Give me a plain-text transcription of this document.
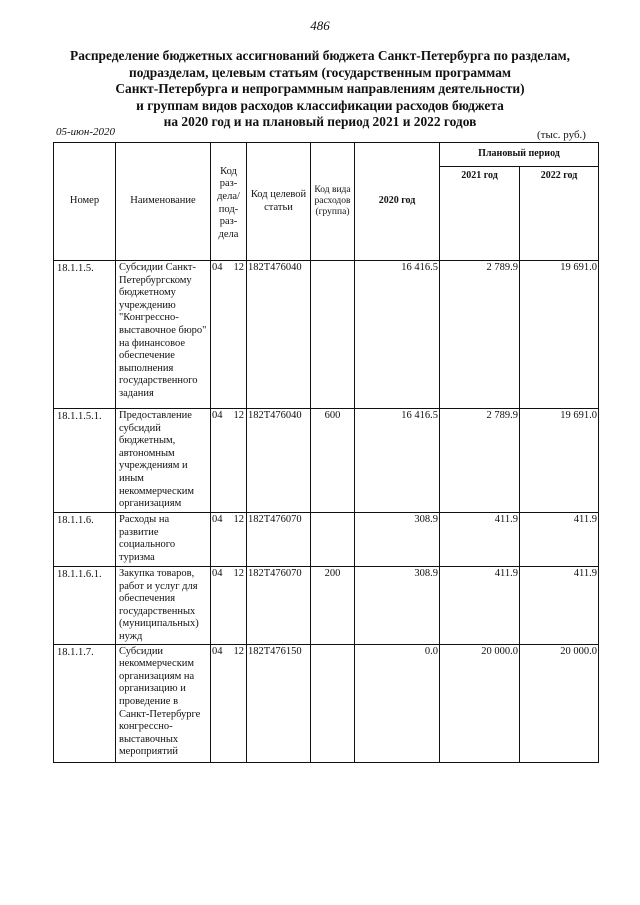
486
Распределение бюджетных ассигнований бюджета Санкт-Петербурга по разделам,
подразделам, целевым статьям (государственным программам
Санкт-Петербурга и непрограммным направлениям деятельности)
и группам видов расходов классификации расходов бюджета
на 2020 год и на плановый период 2021 и 2022 годов
05-июн-2020	(тыс. руб.)
Номер	Наименование	Код раз-дела/ под-раз-дела	Код целевой статьи	Код вида расходов (группа)	2020 год	Плановый период	
						2021 год	2022 год
18.1.1.5.	Субсидии Санкт-Петербургскому бюджетному учреждению "Конгрессно-выставочное бюро" на финансовое обеспечение выполнения государственного задания	04 12	182Т476040		16 416.5	2 789.9	19 691.0
18.1.1.5.1.	Предоставление субсидий бюджетным, автономным учреждениям и иным некоммерческим организациям	04 12	182Т476040	600	16 416.5	2 789.9	19 691.0
18.1.1.6.	Расходы на развитие социального туризма	04 12	182Т476070		308.9	411.9	411.9
18.1.1.6.1.	Закупка товаров, работ и услуг для обеспечения государственных (муниципальных) нужд	04 12	182Т476070	200	308.9	411.9	411.9
18.1.1.7.	Субсидии некоммерческим организациям на организацию и проведение в Санкт-Петербурге конгрессно-выставочных мероприятий	04 12	182Т476150		0.0	20 000.0	20 000.0
